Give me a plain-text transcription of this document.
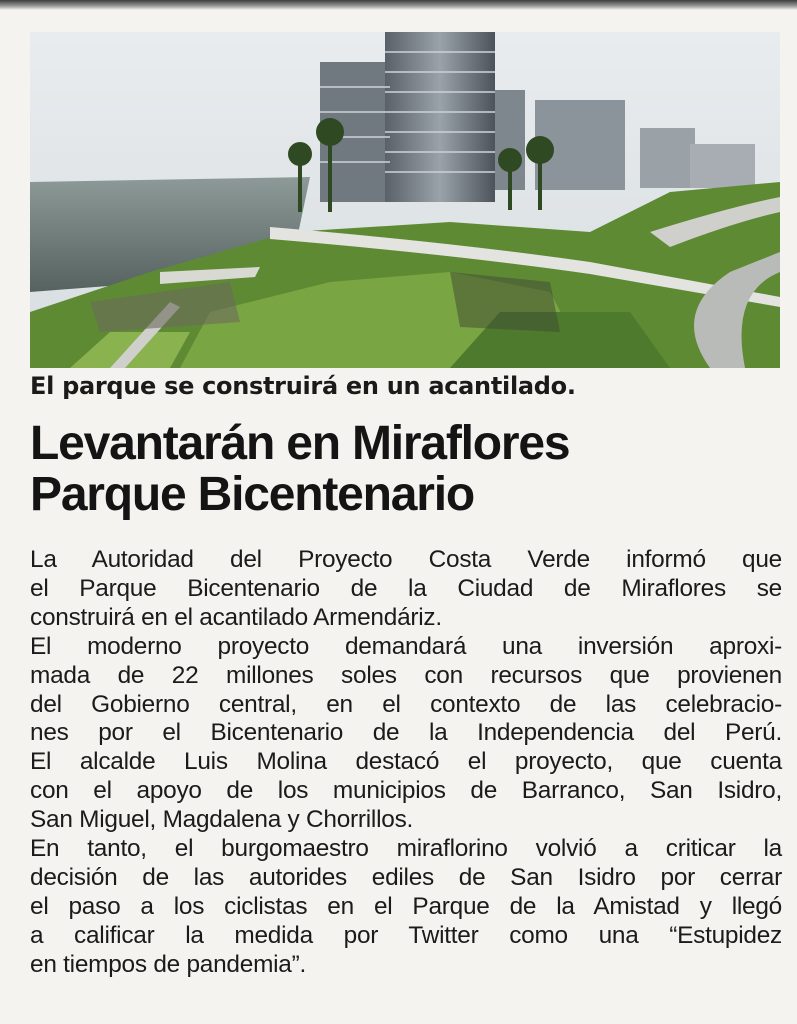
El parque se construirá en un acantilado.
Levantarán en Miraflores
Parque Bicentenario
La Autoridad del Proyecto Costa Verde informó que
el Parque Bicentenario de la Ciudad de Miraflores se
construirá en el acantilado Armendáriz.
El moderno proyecto demandará una inversión aproxi-
mada de 22 millones soles con recursos que provienen
del Gobierno central, en el contexto de las celebracio-
nes por el Bicentenario de la Independencia del Perú.
El alcalde Luis Molina destacó el proyecto, que cuenta
con el apoyo de los municipios de Barranco, San Isidro,
San Miguel, Magdalena y Chorrillos.
En tanto, el burgomaestro miraflorino volvió a criticar la
decisión de las autorides ediles de San Isidro por cerrar
el paso a los ciclistas en el Parque de la Amistad y llegó
a calificar la medida por Twitter como una “Estupidez
en tiempos de pandemia”.
